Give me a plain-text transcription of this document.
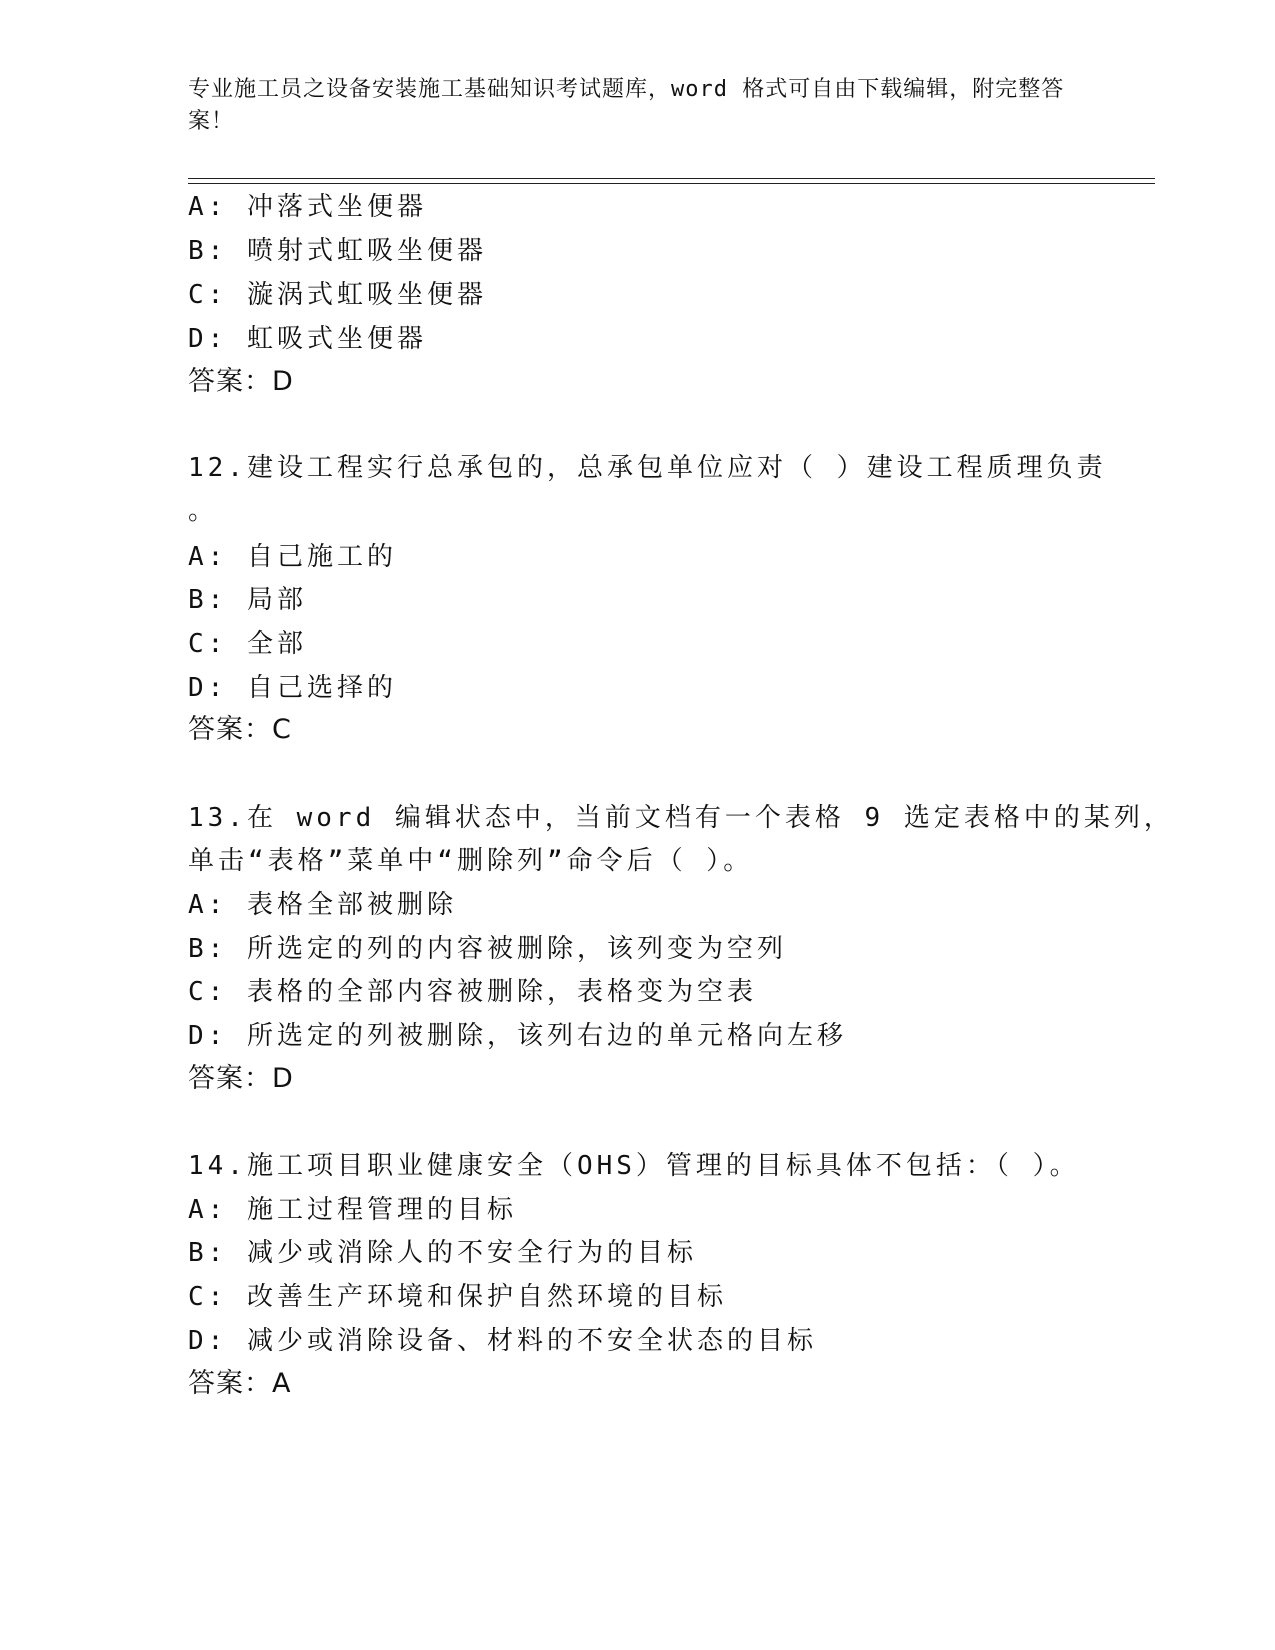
专业施工员之设备安装施工基础知识考试题库，word 格式可自由下载编辑，附完整答案！
A: 冲落式坐便器
B: 喷射式虹吸坐便器
C: 漩涡式虹吸坐便器
D: 虹吸式坐便器
答案：D
12.建设工程实行总承包的，总承包单位应对（ ）建设工程质理负责
。
A: 自己施工的
B: 局部
C: 全部
D: 自己选择的
答案：C
13.在 word 编辑状态中，当前文档有一个表格 9 选定表格中的某列，
单击“表格”菜单中“删除列”命令后（ ）。
A: 表格全部被删除
B: 所选定的列的内容被删除，该列变为空列
C: 表格的全部内容被删除，表格变为空表
D: 所选定的列被删除，该列右边的单元格向左移
答案：D
14.施工项目职业健康安全（OHS）管理的目标具体不包括：（ ）。
A: 施工过程管理的目标
B: 减少或消除人的不安全行为的目标
C: 改善生产环境和保护自然环境的目标
D: 减少或消除设备、材料的不安全状态的目标
答案：A
